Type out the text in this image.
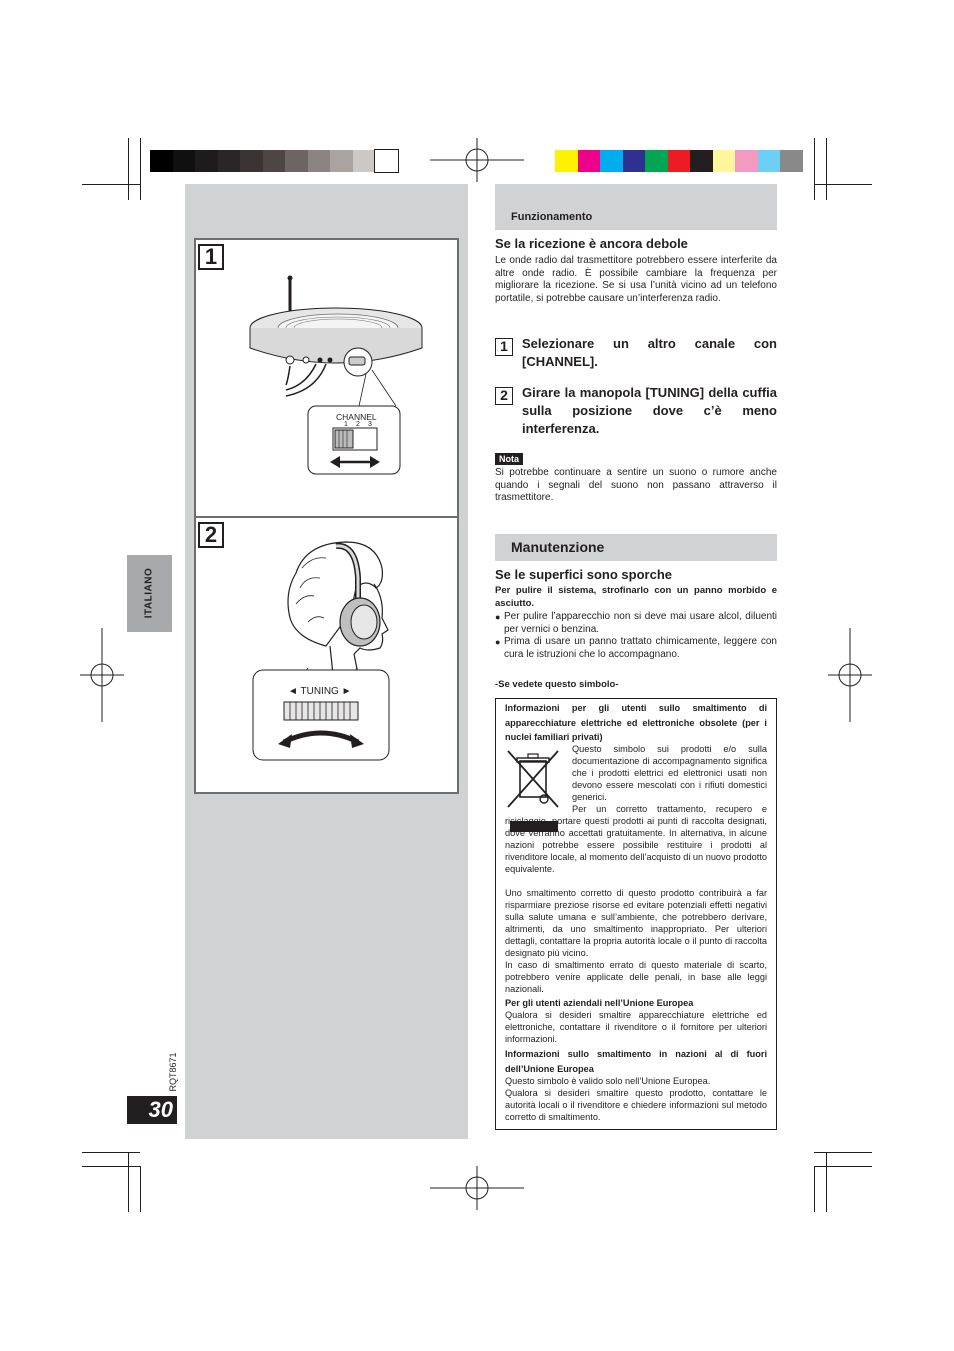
1
CHANNEL
1 2 3
2
◄ TUNING ►
ITALIANO
RQT8671
30
Funzionamento
Se la ricezione è ancora debole
Le onde radio dal trasmettitore potrebbero essere interferite da altre onde radio. È possibile cambiare la frequenza per migliorare la ricezione. Se si usa l’unità vicino ad un telefono portatile, si potrebbe causare un’interferenza radio.
1	Selezionare un altro canale con [CHANNEL].
2	Girare la manopola [TUNING] della cuffia sulla posizione dove c’è meno interferenza.
Nota
Si potrebbe continuare a sentire un suono o rumore anche quando i segnali del suono non passano attraverso il trasmettitore.
Manutenzione
Se le superfici sono sporche
Per pulire il sistema, strofinarlo con un panno morbido e asciutto.
● Per pulire l’apparecchio non si deve mai usare alcol, diluenti per vernici o benzina.
● Prima di usare un panno trattato chimicamente, leggere con cura le istruzioni che lo accompagnano.
-Se vedete questo simbolo-
Informazioni per gli utenti sullo smaltimento di apparecchiature elettriche ed elettroniche obsolete (per i nuclei familiari privati)
Questo simbolo sui prodotti e/o sulla documentazione di accompagnamento significa che i prodotti elettrici ed elettronici usati non devono essere mescolati con i rifiuti domestici generici.
Per un corretto trattamento, recupero e riciclaggio, portare questi prodotti ai punti di raccolta designati, dove verranno accettati gratuitamente. In alternativa, in alcune nazioni potrebbe essere possibile restituire i prodotti al rivenditore locale, al momento dell’acquisto di un nuovo prodotto equivalente.
Uno smaltimento corretto di questo prodotto contribuirà a far risparmiare preziose risorse ed evitare potenziali effetti negativi sulla salute umana e sull’ambiente, che potrebbero derivare, altrimenti, da uno smaltimento inappropriato. Per ulteriori dettagli, contattare la propria autorità locale o il punto di raccolta designato più vicino.
In caso di smaltimento errato di questo materiale di scarto, potrebbero venire applicate delle penali, in base alle leggi nazionali.
Per gli utenti aziendali nell’Unione Europea
Qualora si desideri smaltire apparecchiature elettriche ed elettroniche, contattare il rivenditore o il fornitore per ulteriori informazioni.
Informazioni sullo smaltimento in nazioni al di fuori dell’Unione Europea
Questo simbolo è valido solo nell’Unione Europea.
Qualora si desideri smaltire questo prodotto, contattare le autorità locali o il rivenditore e chiedere informazioni sul metodo corretto di smaltimento.
